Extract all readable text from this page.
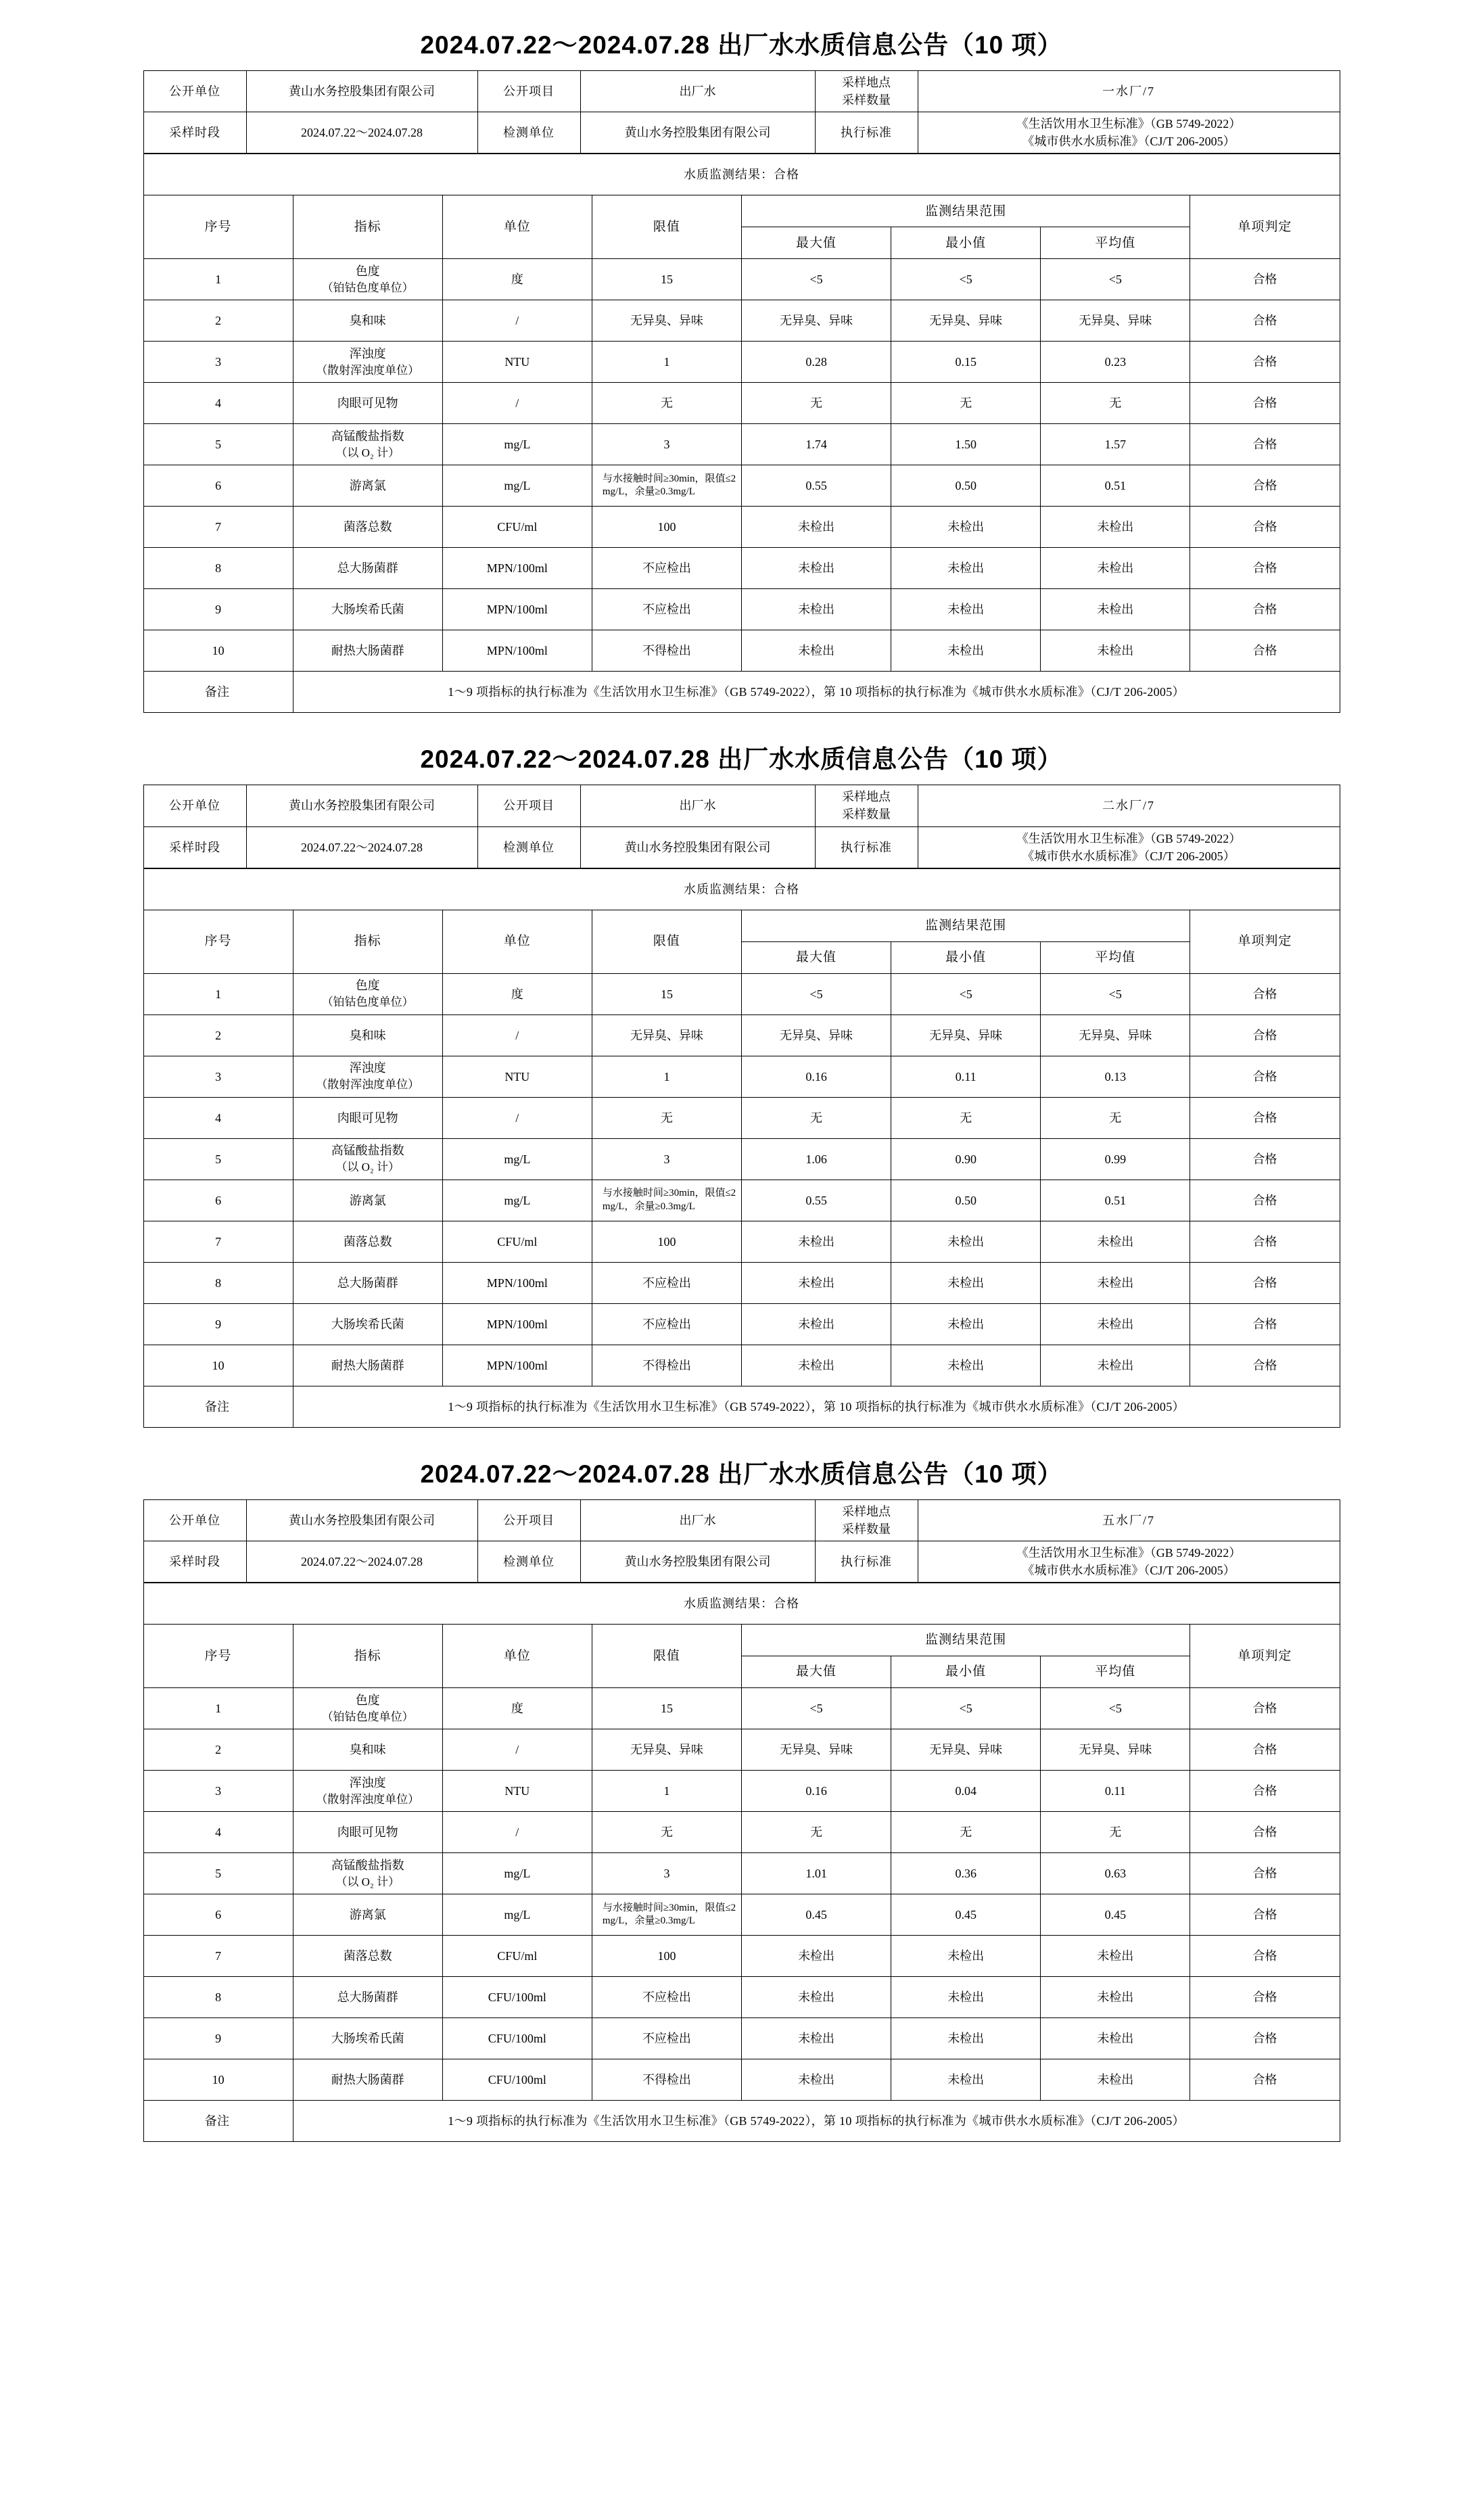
2024.07.22～2024.07.28 出厂水水质信息公告（10 项）
公开单位	黄山水务控股集团有限公司	公开项目	出厂水	采样地点
采样数量	一水厂/7
采样时段	2024.07.22～2024.07.28	检测单位	黄山水务控股集团有限公司	执行标准	《生活饮用水卫生标准》（GB 5749-2022）
《城市供水水质标准》（CJ/T 206-2005）
水质监测结果：合格							
序号	指标	单位	限值	监测结果范围			单项判定
				最大值	最小值	平均值	
1	色度
（铂钴色度单位）	度	15	<5	<5	<5	合格
2	臭和味	/	无异臭、异味	无异臭、异味	无异臭、异味	无异臭、异味	合格
3	浑浊度
（散射浑浊度单位）	NTU	1	0.28	0.15	0.23	合格
4	肉眼可见物	/	无	无	无	无	合格
5	高锰酸盐指数
（以 O₂ 计）	mg/L	3	1.74	1.50	1.57	合格
6	游离氯	mg/L	与水接触时间≥30min，限值≤2mg/L，余量≥0.3mg/L	0.55	0.50	0.51	合格
7	菌落总数	CFU/ml	100	未检出	未检出	未检出	合格
8	总大肠菌群	MPN/100ml	不应检出	未检出	未检出	未检出	合格
9	大肠埃希氏菌	MPN/100ml	不应检出	未检出	未检出	未检出	合格
10	耐热大肠菌群	MPN/100ml	不得检出	未检出	未检出	未检出	合格
备注	1～9 项指标的执行标准为《生活饮用水卫生标准》（GB 5749-2022），第 10 项指标的执行标准为《城市供水水质标准》（CJ/T 206-2005）						
2024.07.22～2024.07.28 出厂水水质信息公告（10 项）
公开单位	黄山水务控股集团有限公司	公开项目	出厂水	采样地点
采样数量	二水厂/7
采样时段	2024.07.22～2024.07.28	检测单位	黄山水务控股集团有限公司	执行标准	《生活饮用水卫生标准》（GB 5749-2022）
《城市供水水质标准》（CJ/T 206-2005）
水质监测结果：合格							
序号	指标	单位	限值	监测结果范围			单项判定
				最大值	最小值	平均值	
1	色度
（铂钴色度单位）	度	15	<5	<5	<5	合格
2	臭和味	/	无异臭、异味	无异臭、异味	无异臭、异味	无异臭、异味	合格
3	浑浊度
（散射浑浊度单位）	NTU	1	0.16	0.11	0.13	合格
4	肉眼可见物	/	无	无	无	无	合格
5	高锰酸盐指数
（以 O₂ 计）	mg/L	3	1.06	0.90	0.99	合格
6	游离氯	mg/L	与水接触时间≥30min，限值≤2mg/L，余量≥0.3mg/L	0.55	0.50	0.51	合格
7	菌落总数	CFU/ml	100	未检出	未检出	未检出	合格
8	总大肠菌群	MPN/100ml	不应检出	未检出	未检出	未检出	合格
9	大肠埃希氏菌	MPN/100ml	不应检出	未检出	未检出	未检出	合格
10	耐热大肠菌群	MPN/100ml	不得检出	未检出	未检出	未检出	合格
备注	1～9 项指标的执行标准为《生活饮用水卫生标准》（GB 5749-2022），第 10 项指标的执行标准为《城市供水水质标准》（CJ/T 206-2005）						
2024.07.22～2024.07.28 出厂水水质信息公告（10 项）
公开单位	黄山水务控股集团有限公司	公开项目	出厂水	采样地点
采样数量	五水厂/7
采样时段	2024.07.22～2024.07.28	检测单位	黄山水务控股集团有限公司	执行标准	《生活饮用水卫生标准》（GB 5749-2022）
《城市供水水质标准》（CJ/T 206-2005）
水质监测结果：合格							
序号	指标	单位	限值	监测结果范围			单项判定
				最大值	最小值	平均值	
1	色度
（铂钴色度单位）	度	15	<5	<5	<5	合格
2	臭和味	/	无异臭、异味	无异臭、异味	无异臭、异味	无异臭、异味	合格
3	浑浊度
（散射浑浊度单位）	NTU	1	0.16	0.04	0.11	合格
4	肉眼可见物	/	无	无	无	无	合格
5	高锰酸盐指数
（以 O₂ 计）	mg/L	3	1.01	0.36	0.63	合格
6	游离氯	mg/L	与水接触时间≥30min，限值≤2mg/L，余量≥0.3mg/L	0.45	0.45	0.45	合格
7	菌落总数	CFU/ml	100	未检出	未检出	未检出	合格
8	总大肠菌群	CFU/100ml	不应检出	未检出	未检出	未检出	合格
9	大肠埃希氏菌	CFU/100ml	不应检出	未检出	未检出	未检出	合格
10	耐热大肠菌群	CFU/100ml	不得检出	未检出	未检出	未检出	合格
备注	1～9 项指标的执行标准为《生活饮用水卫生标准》（GB 5749-2022），第 10 项指标的执行标准为《城市供水水质标准》（CJ/T 206-2005）						
